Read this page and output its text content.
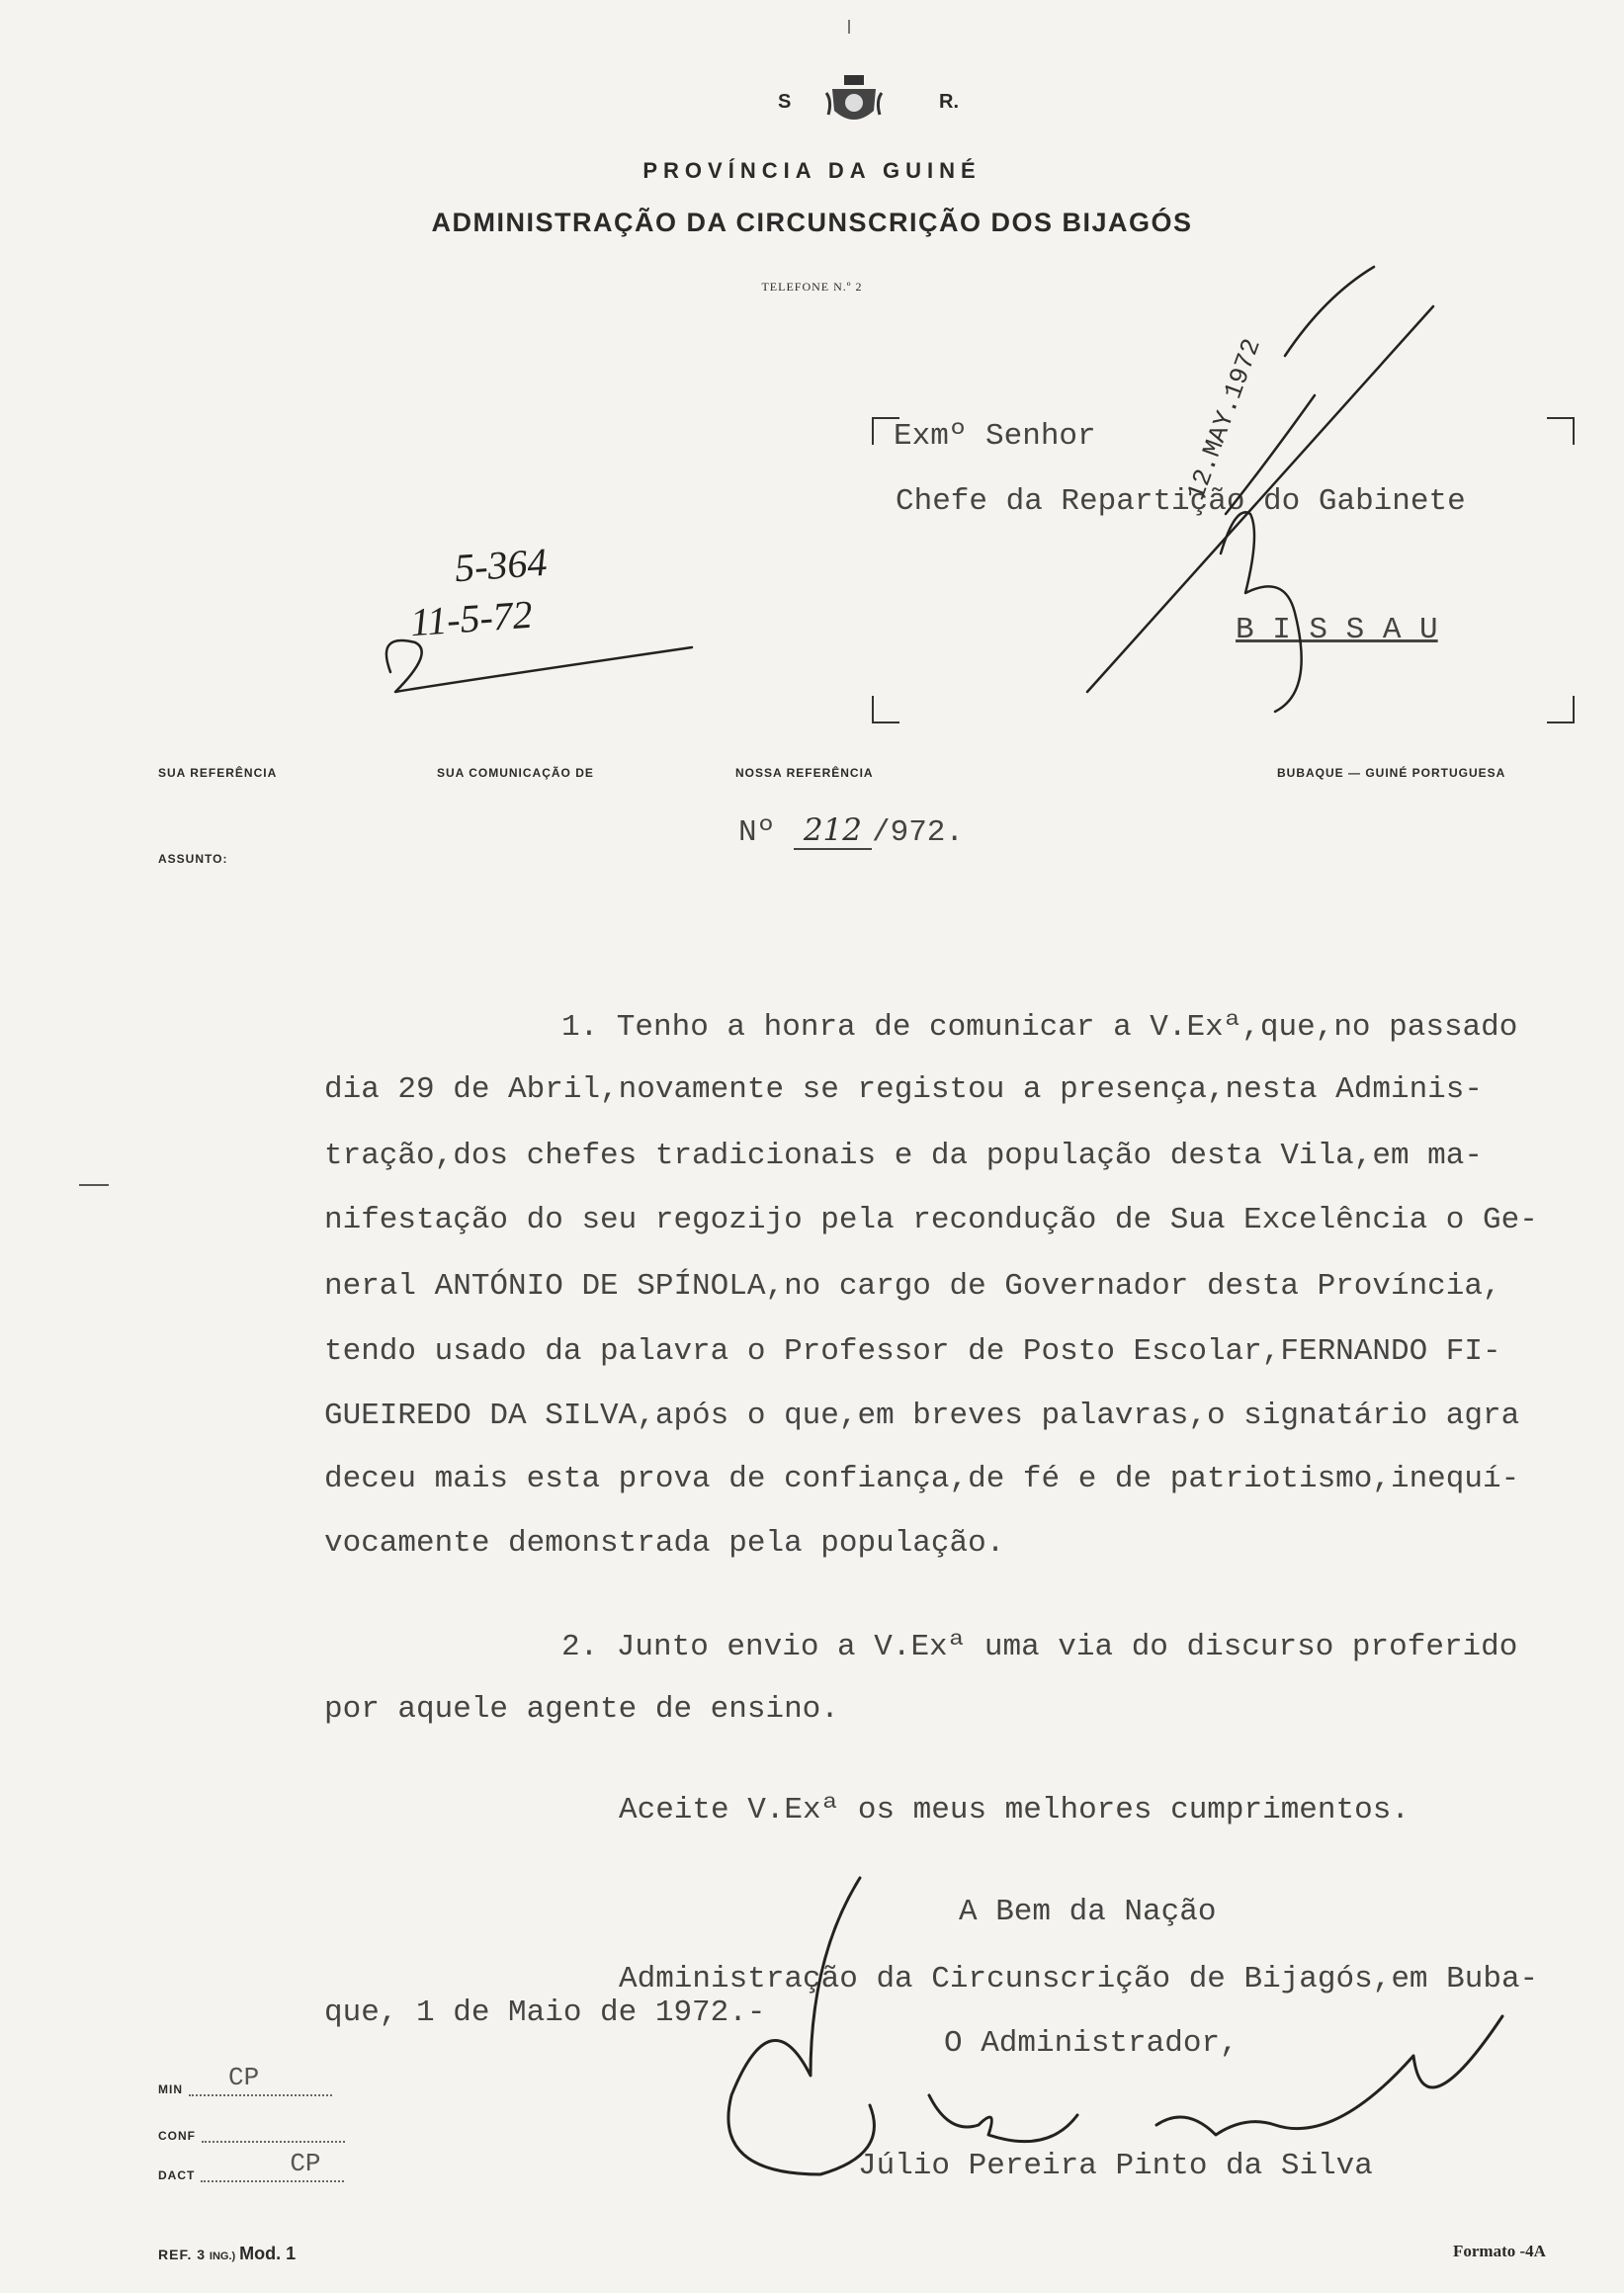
S	R.
PROVÍNCIA DA GUINÉ
ADMINISTRAÇÃO DA CIRCUNSCRIÇÃO DOS BIJAGÓS
TELEFONE N.º 2
Exmº Senhor
Chefe da Repartição do Gabinete
B I S S A U
5-364
11-5-72
12.MAY.1972
SUA REFERÊNCIA	SUA COMUNICAÇÃO DE	NOSSA REFERÊNCIA	BUBAQUE — GUINÉ PORTUGUESA
ASSUNTO:
Nº 212 /972.
1. Tenho a honra de comunicar a V.Exª,que,no passado
dia 29 de Abril,novamente se registou a presença,nesta Adminis-
tração,dos chefes tradicionais e da população desta Vila,em ma-
nifestação do seu regozijo pela recondução de Sua Excelência o Ge-
neral ANTÓNIO DE SPÍNOLA,no cargo de Governador desta Província,
tendo usado da palavra o Professor de Posto Escolar,FERNANDO FI-
GUEIREDO DA SILVA,após o que,em breves palavras,o signatário agra
deceu mais esta prova de confiança,de fé e de patriotismo,inequí-
vocamente demonstrada pela população.
2. Junto envio a V.Exª uma via do discurso proferido
por aquele agente de ensino.
Aceite V.Exª os meus melhores cumprimentos.
A Bem da Nação
Administração da Circunscrição de Bijagós,em Buba-
que, 1 de Maio de 1972.-
O Administrador,
Júlio Pereira Pinto da Silva
MIN CP
CONF
DACT	CP
REF. 3 ING.) Mod. 1	Formato -4A
